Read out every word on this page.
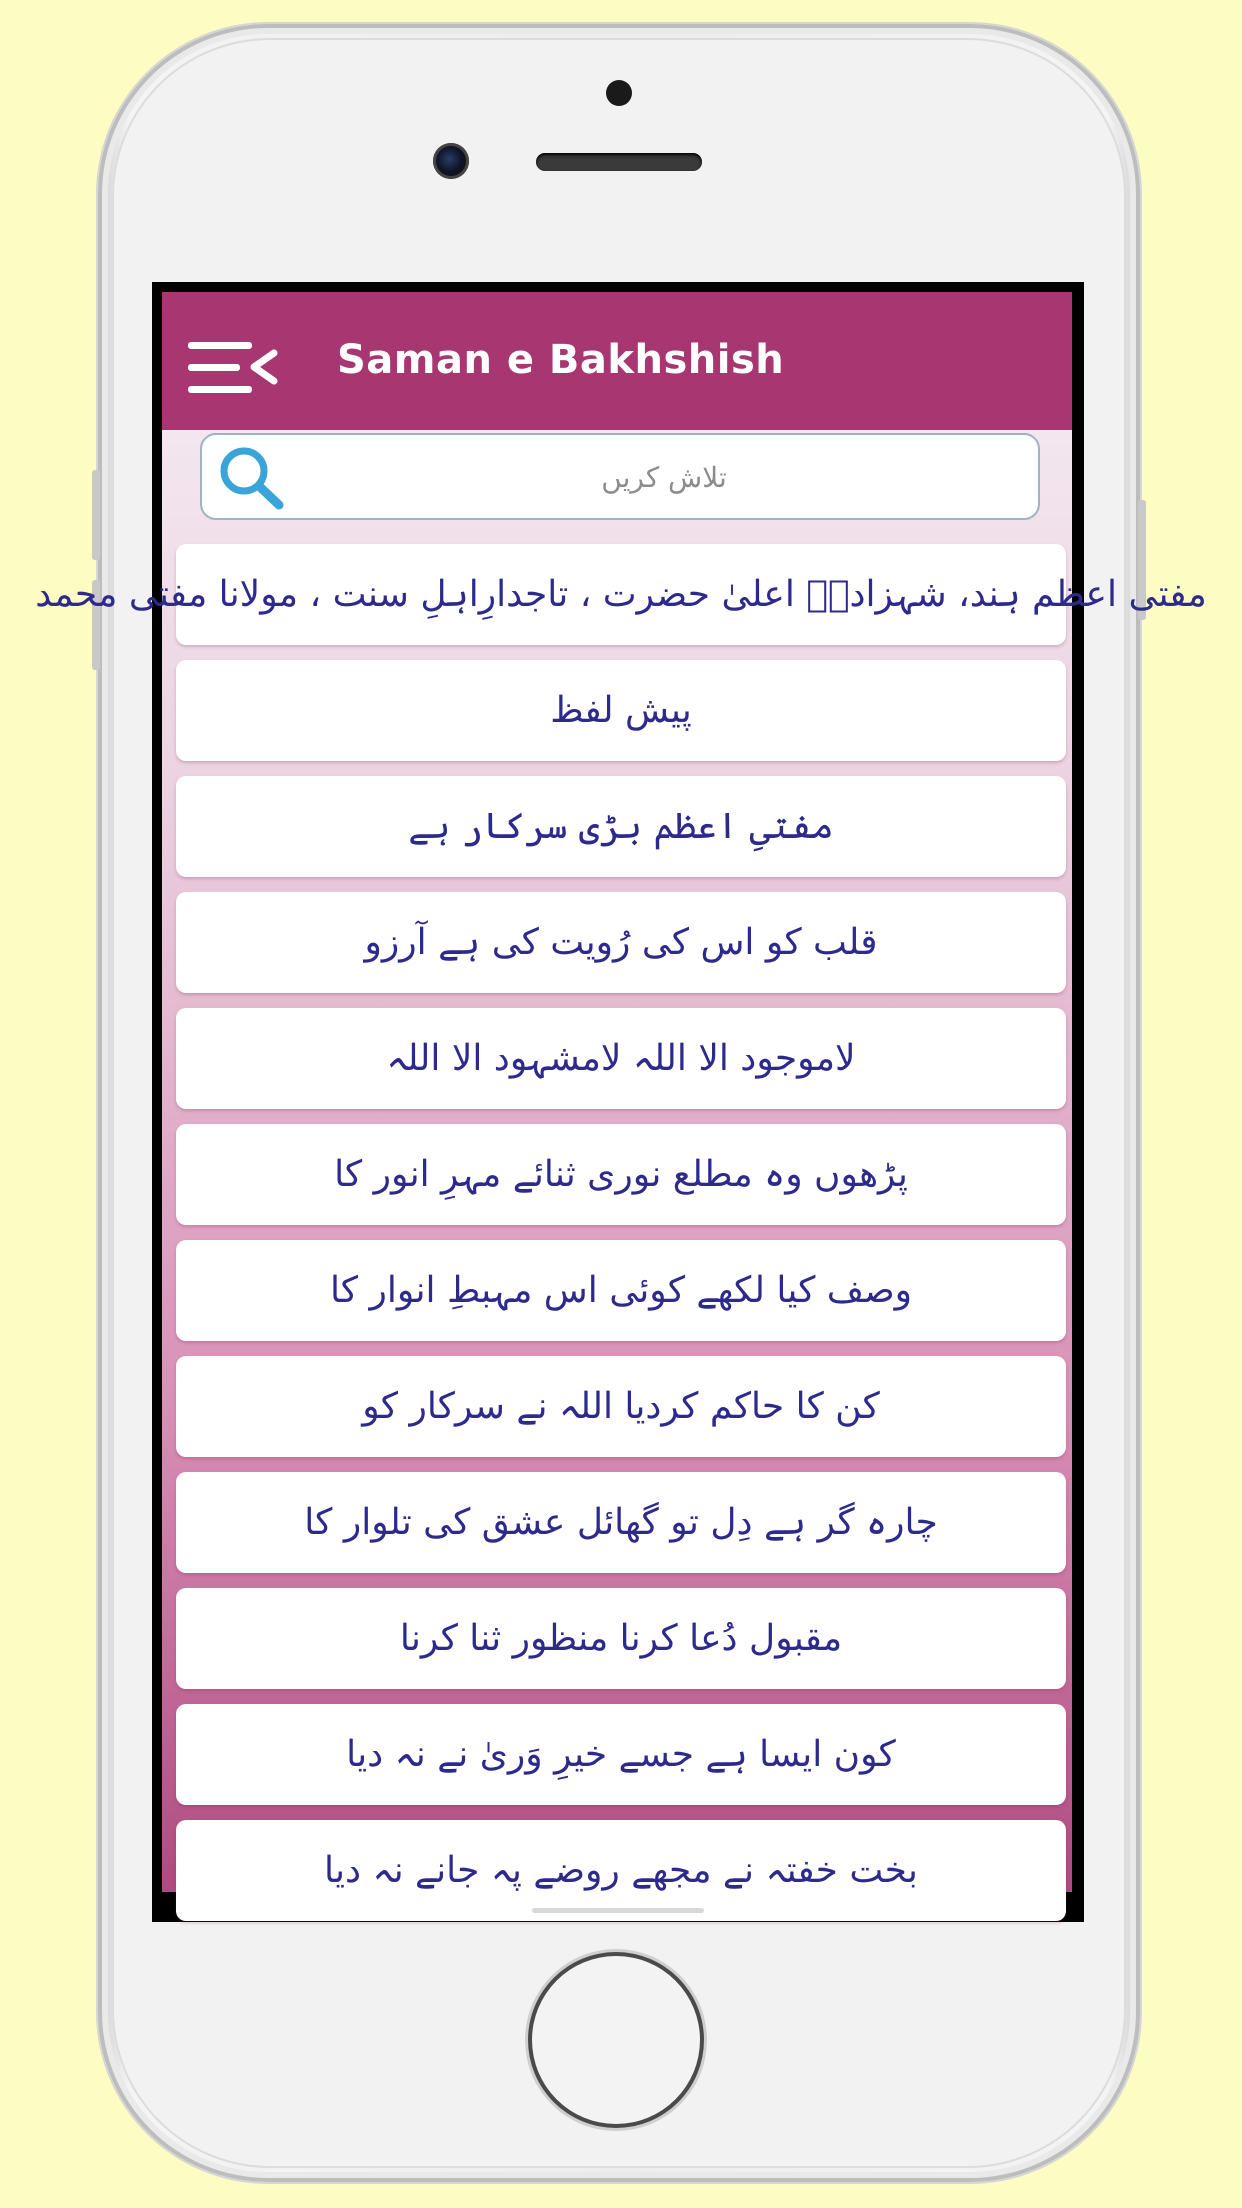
Saman e Bakhshish
تلاش کریں
مفتی اعظم ہند، شہزادہٗ اعلیٰ حضرت ، تاجدارِاہلِ سنت ، مولانا مفتی محمد
پیش لفظ
مفتیِ اعظم بڑی سرکار ہے
قلب کو اس کی رُویت کی ہے آرزو
لاموجود الا اللہ لامشہود الا اللہ
پڑھوں وہ مطلع نوری ثنائے مہرِ انور کا
وصف کیا لکھے کوئی اس مہبطِ انوار کا
کن کا حاکم کردیا اللہ نے سرکار کو
چارہ گر ہے دِل تو گھائل عشق کی تلوار کا
مقبول دُعا کرنا منظور ثنا کرنا
کون ایسا ہے جسے خیرِ وَریٰ نے نہ دیا
بخت خفتہ نے مجھے روضے پہ جانے نہ دیا
